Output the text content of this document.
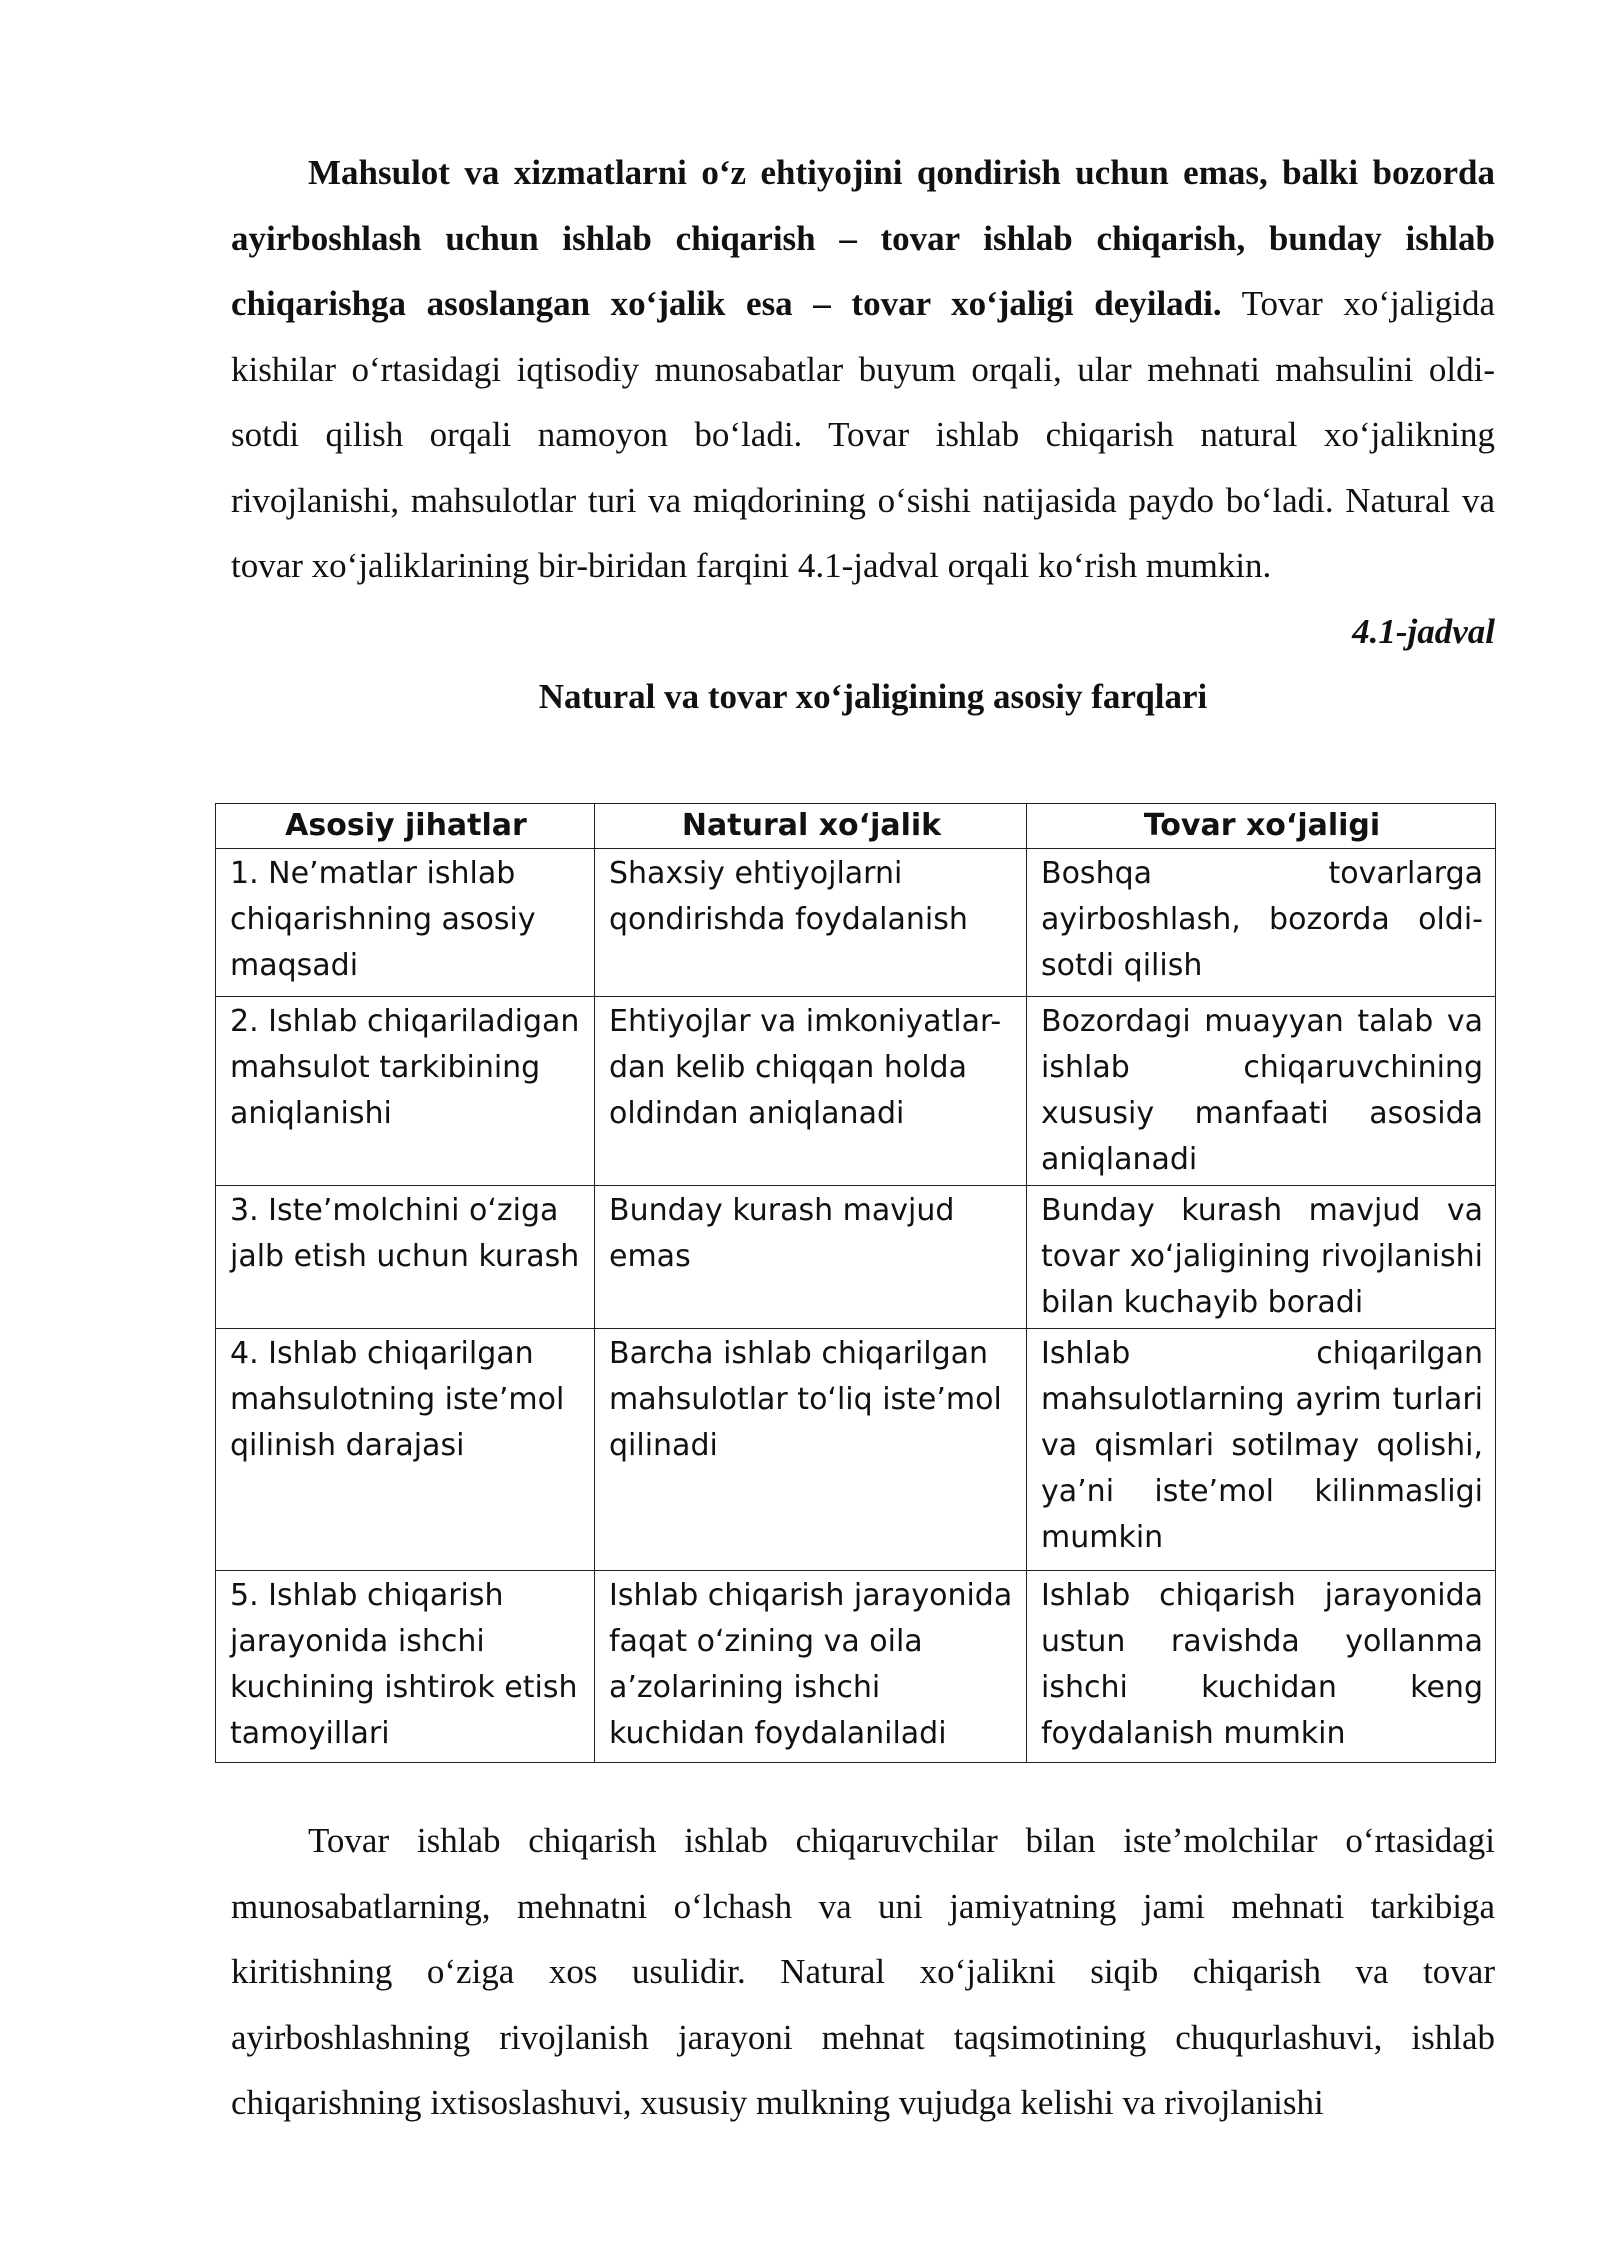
Mahsulot va xizmatlarni oʻz ehtiyojini qondirish uchun emas, balki bozorda ayirboshlash uchun ishlab chiqarish – tovar ishlab chiqarish, bunday ishlab chiqarishga asoslangan xoʻjalik esa – tovar xoʻjaligi deyiladi. Tovar xoʻjaligida kishilar oʻrtasidagi iqtisodiy munosabatlar buyum orqali, ular mehnati mahsulini oldi-sotdi qilish orqali namoyon boʻladi. Tovar ishlab chiqarish natural xoʻjalikning rivojlanishi, mahsulotlar turi va miqdorining oʻsishi natijasida paydo boʻladi. Natural va tovar xoʻjaliklarining bir-biridan farqini 4.1-jadval orqali koʻrish mumkin.

4.1-jadval

Natural va tovar xoʻjaligining asosiy farqlari

Asosiy jihatlar	Natural xoʻjalik	Tovar xoʻjaligi
1. Neʼmatlar ishlab chiqarishning asosiy maqsadi	Shaxsiy ehtiyojlarni qondirishda foydalanish	Boshqa tovarlarga ayirboshlash, bozorda oldi-sotdi qilish
2. Ishlab chiqariladigan mahsulot tarkibining aniqlanishi	Ehtiyojlar va imkoniyatlar-dan kelib chiqqan holda oldindan aniqlanadi	Bozordagi muayyan talab va ishlab chiqaruvchining xususiy manfaati asosida aniqlanadi
3. Isteʼmolchini oʻziga jalb etish uchun kurash	Bunday kurash mavjud emas	Bunday kurash mavjud va tovar xoʻjaligining rivojlanishi bilan kuchayib boradi
4. Ishlab chiqarilgan mahsulotning isteʼmol qilinish darajasi	Barcha ishlab chiqarilgan mahsulotlar toʻliq isteʼmol qilinadi	Ishlab chiqarilgan mahsulotlarning ayrim turlari va qismlari sotilmay qolishi, yaʼni isteʼmol kilinmasligi mumkin
5. Ishlab chiqarish jarayonida ishchi kuchining ishtirok etish tamoyillari	Ishlab chiqarish jarayonida faqat oʻzining va oila aʼzolarining ishchi kuchidan foydalaniladi	Ishlab chiqarish jarayonida ustun ravishda yollanma ishchi kuchidan keng foydalanish mumkin

Tovar ishlab chiqarish ishlab chiqaruvchilar bilan isteʼmolchilar oʻrtasidagi munosabatlarning, mehnatni oʻlchash va uni jamiyatning jami mehnati tarkibiga kiritishning oʻziga xos usulidir. Natural xoʻjalikni siqib chiqarish va tovar ayirboshlashning rivojlanish jarayoni mehnat taqsimotining chuqurlashuvi, ishlab chiqarishning ixtisoslashuvi, xususiy mulkning vujudga kelishi va rivojlanishi
